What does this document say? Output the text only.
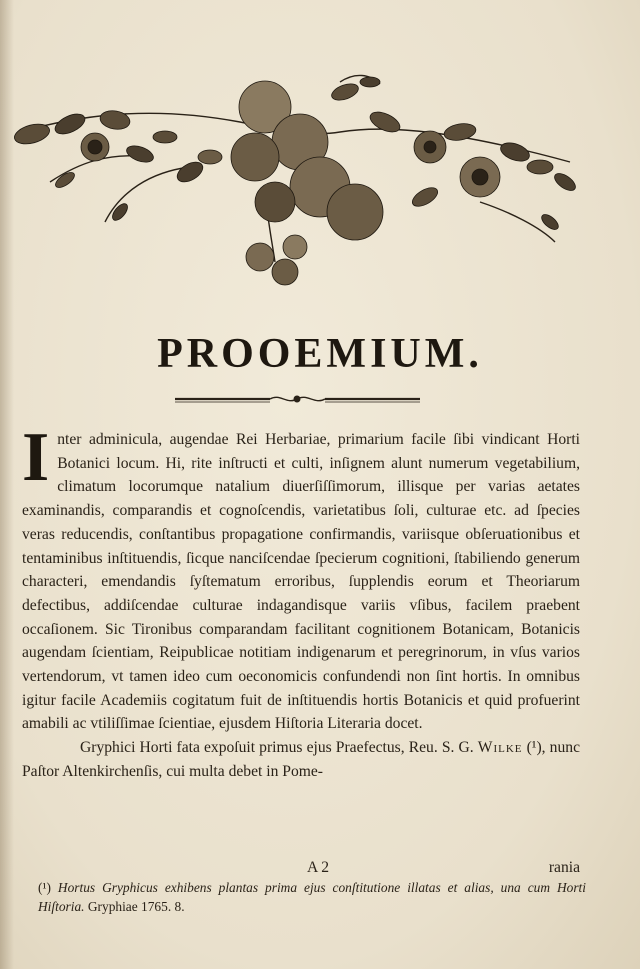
PROOEMIUM.

Inter adminicula, augendae Rei Herbariae, primarium facile ſibi vindicant Horti Botanici locum. Hi, rite inſtructi et culti, inſignem alunt numerum vegetabilium, climatum locorumque natalium diuerſiſſimorum, illisque per varias aetates examinandis, comparandis et cognoſcendis, varietatibus ſoli, culturae etc. ad ſpecies veras reducendis, conſtantibus propagatione confirmandis, variisque obſeruationibus et tentaminibus inſtituendis, ſicque nanciſcendae ſpecierum cognitioni, ſtabiliendo generum characteri, emendandis ſyſtematum erroribus, ſupplendis eorum et Theoriarum defectibus, addiſcendae culturae indagandisque variis vſibus, facilem praebent occaſionem. Sic Tironibus comparandam facilitant cognitionem Botanicam, Botanicis augendam ſcientiam, Reipublicae notitiam indigenarum et peregrinorum, in vſus varios vertendorum, vt tamen ideo cum oeconomicis confundendi non ſint hortis. In omnibus igitur facile Academiis cogitatum fuit de inſtituendis hortis Botanicis et quid profuerint amabili ac vtiliſſimae ſcientiae, ejusdem Hiſtoria Literaria docet.

Gryphici Horti fata expoſuit primus ejus Praefectus, Reu. S. G. Wilke (¹), nunc Paſtor Altenkirchenſis, cui multa debet in Pome-

A 2	rania
(¹) Hortus Gryphicus exhibens plantas prima ejus conſtitutione illatas et alias, una cum Horti Hiſtoria. Gryphiae 1765. 8.
